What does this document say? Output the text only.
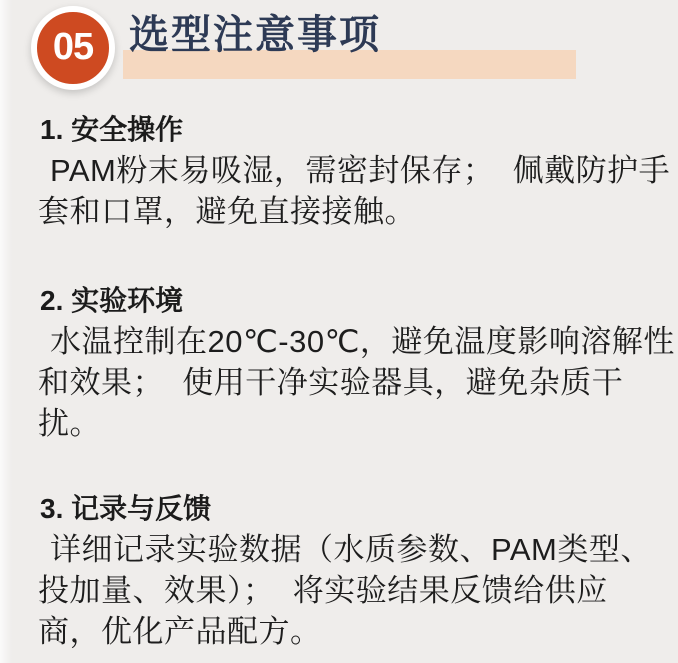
05 选型注意事项
1. 安全操作
PAM粉末易吸湿，需密封保存；  佩戴防护手
套和口罩，避免直接接触。
2. 实验环境
水温控制在20℃-30℃，避免温度影响溶解性
和效果；  使用干净实验器具，避免杂质干
扰。
3. 记录与反馈
详细记录实验数据（水质参数、PAM类型、
投加量、效果）；  将实验结果反馈给供应
商，优化产品配方。
